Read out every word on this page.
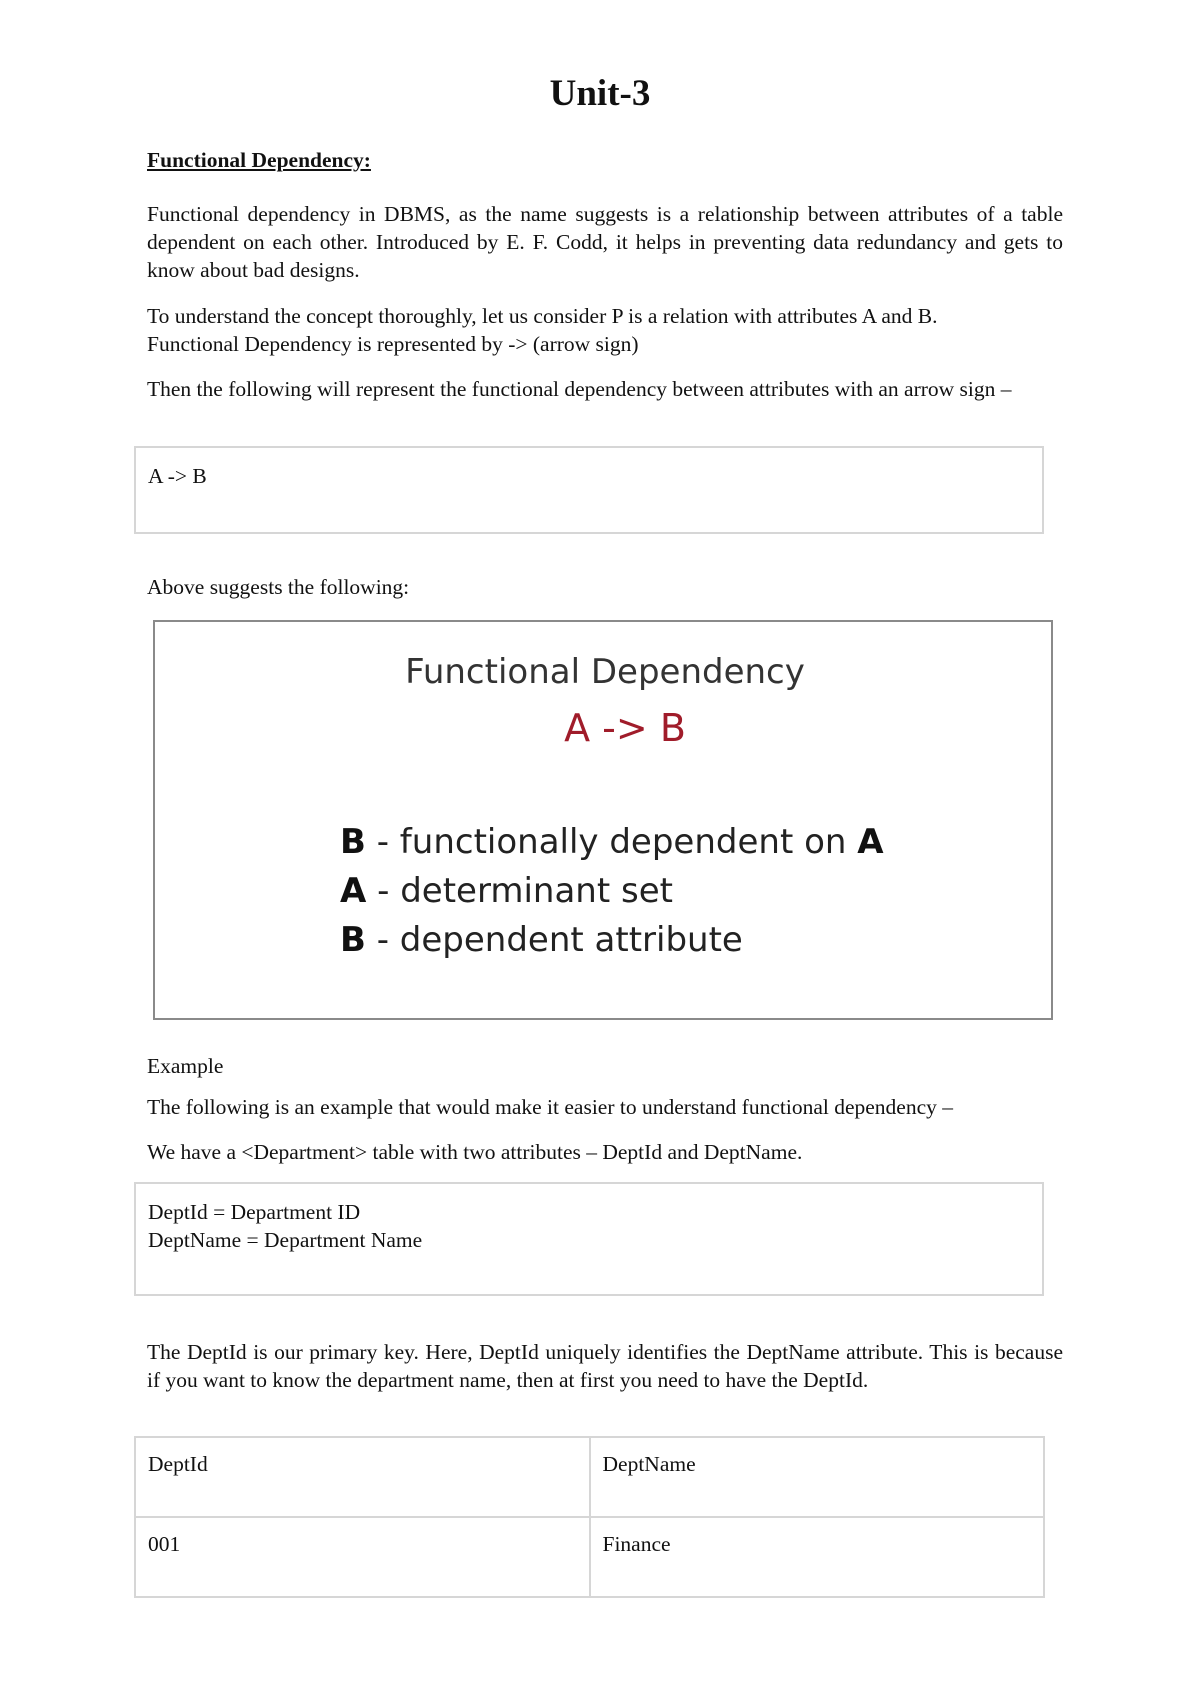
Unit-3
Functional Dependency:

Functional dependency in DBMS, as the name suggests is a relationship between attributes of a table dependent on each other. Introduced by E. F. Codd, it helps in preventing data redundancy and gets to know about bad designs.

To understand the concept thoroughly, let us consider P is a relation with attributes A and B.
Functional Dependency is represented by -> (arrow sign)

Then the following will represent the functional dependency between attributes with an arrow sign –

A -> B

Above suggests the following:

Functional Dependency
A -> B
B - functionally dependent on A
A - determinant set
B - dependent attribute

Example

The following is an example that would make it easier to understand functional dependency –

We have a <Department> table with two attributes – DeptId and DeptName.

DeptId = Department ID
DeptName = Department Name

The DeptId is our primary key. Here, DeptId uniquely identifies the DeptName attribute. This is because if you want to know the department name, then at first you need to have the DeptId.

DeptId	DeptName
001	Finance
